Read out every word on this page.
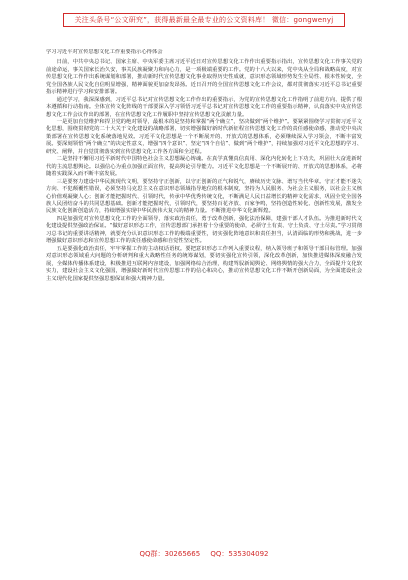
关注头条号“公文研究”，获得最新最全最专业的公文资料库！ 微信：gongwenyj
学习习近平对宣传思想文化工作重要指示心得体会

日前，中共中央总书记、国家主席、中央军委主席习近平近日对宣传思想文化工作作出重要指示指出，宣传思想文化工作事关党的前途命运，事关国家长治久安，事关民族凝聚力和向心力，是一项极端重要的工作。党的十八大以来，党中央从全局和战略高度，对宣传思想文化工作作出系统谋划和部署，推动新时代宣传思想文化事业取得历史性成就，意识形态领域形势发生全局性、根本性转变，全党全国各族人民文化自信明显增强，精神面貌更加奋发昂扬。近日召开的全国宣传思想文化工作会议，都对贯彻落实习近平总书记重要指示精神进行学习和安排部署。

通过学习，我深深感到，习近平总书记对宣传思想文化工作作出的重要指示，为党的宣传思想文化工作指明了前进方向、提供了根本遵循和行动指南。全体宣传文化阵线的干部要深入学习领悟习近平总书记对宣传思想文化工作的重要指示精神，认真落实中央宣传思想文化工作会议作出的部署，在宣传思想文化工作履职中坚持宣传思想文化贡献力量。

一是更加自觉维护和捍卫党的绝对领导，最根本的是坚持和掌握“两个确立”，坚决做到“两个维护”。要紧紧围绕学习贯彻习近平文化思想，围绕贯彻党的二十大关于文化建设的战略部署，切实增强做好新时代新征程宣传思想文化工作的责任感使命感，推动党中央决策部署在宣传思想文化系统落地见效。习近平文化思想是一个不断展开的、开放式的思想体系，必须继续深入学习领会，不断丰富发展。要深刻领悟“两个确立”的决定性意义，增强“四个意识”、坚定“四个自信”、做到“两个维护”，持续加强对习近平文化思想的学习、研究、阐释，并自觉贯彻落实到宣传思想文化工作各方面和全过程。

二是坚持不懈用习近平新时代中国特色社会主义思想凝心铸魂。在真学真懂真信真用、深化内化转化上下功夫，巩固壮大奋进新时代的主流思想舆论。以强信心为重点加强正面宣传，提高舆论引导能力。习近平文化思想是一个不断展开的、开放式的思想体系，必将随着实践深入而不断丰富发展。

三是要努力建设中华民族现代文明，要坚持守正创新，以守正创新的正气和锐气，赓续历史文脉、谱写当代华章。守正才能不迷失方向、不犯颠覆性错误，必须坚持马克思主义在意识形态领域指导地位的根本制度，坚持为人民服务、为社会主义服务，以社会主义核心价值观凝聚人心；创新才能把握时代、引领时代，传承中华优秀传统文化，不断满足人民日益增长的精神文化需求，巩固全党全国各族人民团结奋斗的共同思想基础。创新才能把握时代，引领时代，要坚持百花齐放、百家争鸣，坚持创造性转化、创新性发展，激发全民族文化创新创造活力，持续增强实现中华民族伟大复兴的精神力量。不断推进中华文化新辉煌。

四是加强党对宣传思想文化工作的全面领导，落实政治责任，勇于改革创新，强化法治保障，建强干部人才队伍。为推进新时代文化建设提供坚强政治保证。“做好意识形态工作，宣传思想部门承担着十分重要的使命，必须守土有责、守土负责、守土尽责。”学习贯彻习总书记的重要讲话精神，就要充分认识意识形态工作的极端重要性，切实强化阵地意识和责任担当，认清面临的形势和挑战，进一步增强做好意识形态和宣传思想工作的责任感使命感和自觉性坚定性。

五是要强化政治责任，牢牢掌握工作的主动权话语权。要把意识形态工作列入重要议程，纳入领导班子和领导干部目标管理。加强对意识形态领域重大问题的分析研判和重大战略性任务的统筹谋划，要切实强化宣传引领，深化改革创新，加快推进媒体深度融合发展，全媒体传播体系建设，积极推进互联网内容建设，加强网络综合治理，构建驾驭新闻舆论、网络舆情的强大合力，全面提升文化软实力，建设社会主义文化强国，增强做好新时代宣传思想工作的信心和决心，推动宣传思想文化工作不断开创新局面，为全面建设社会主义现代化国家提供坚强思想保证和强大精神力量。

QQ群：30265665 QQ：535304092
